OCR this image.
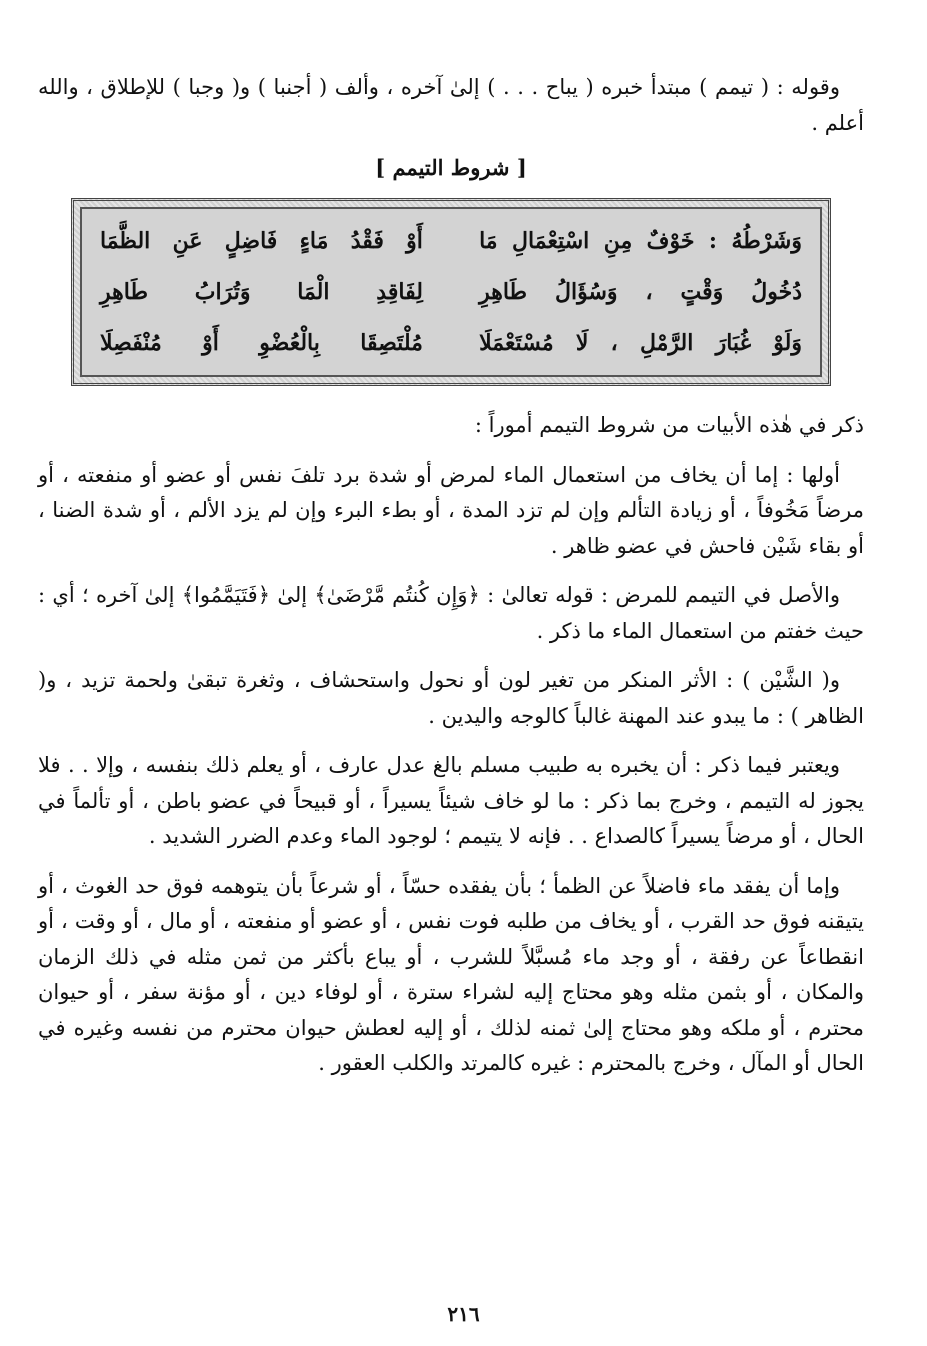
وقوله : ( تيمم ) مبتدأ خبره ( يباح . . . ) إلىٰ آخره ، وألف ( أجنبا ) و( وجبا ) للإطلاق ، والله أعلم .

[ شروط التيمم ]
وَشَرْطُهُ : خَوْفٌ مِنِ اسْتِعْمَالِ مَا
أَوْ فَقْدُ مَاءٍ فَاضِلٍ عَنِ الظَّمَا
دُخُولُ وَقْتٍ ، وَسُؤَالُ طَاهِرِ
لِفَاقِدِ الْمَا وَتُرَابُ طَاهِرِ
وَلَوْ غُبَارَ الرَّمْلِ ، لَا مُسْتَعْمَلَا
مُلْتَصِقَا بِالْعُضْوِ أَوْ مُنْفَصِلَا

ذكر في هٰذه الأبيات من شروط التيمم أموراً :

أولها : إما أن يخاف من استعمال الماء لمرض أو شدة برد تلفَ نفس أو عضو أو منفعته ، أو مرضاً مَخُوفاً ، أو زيادة التألم وإن لم تزد المدة ، أو بطء البرء وإن لم يزد الألم ، أو شدة الضنا ، أو بقاء شَيْن فاحش في عضو ظاهر .

والأصل في التيمم للمرض : قوله تعالىٰ : ﴿وَإِن كُنتُم مَّرْضَىٰ﴾ إلىٰ ﴿فَتَيَمَّمُوا﴾ إلىٰ آخره ؛ أي : حيث خفتم من استعمال الماء ما ذكر .

و( الشَّيْن ) : الأثر المنكر من تغير لون أو نحول واستحشاف ، وثغرة تبقىٰ ولحمة تزيد ، و( الظاهر ) : ما يبدو عند المهنة غالباً كالوجه واليدين .

ويعتبر فيما ذكر : أن يخبره به طبيب مسلم بالغ عدل عارف ، أو يعلم ذلك بنفسه ، وإلا . . فلا يجوز له التيمم ، وخرج بما ذكر : ما لو خاف شيئاً يسيراً ، أو قبيحاً في عضو باطن ، أو تألماً في الحال ، أو مرضاً يسيراً كالصداع . . فإنه لا يتيمم ؛ لوجود الماء وعدم الضرر الشديد .

وإما أن يفقد ماء فاضلاً عن الظمأ ؛ بأن يفقده حسّاً ، أو شرعاً بأن يتوهمه فوق حد الغوث ، أو يتيقنه فوق حد القرب ، أو يخاف من طلبه فوت نفس ، أو عضو أو منفعته ، أو مال ، أو وقت ، أو انقطاعاً عن رفقة ، أو وجد ماء مُسبَّلاً للشرب ، أو يباع بأكثر من ثمن مثله في ذلك الزمان والمكان ، أو بثمن مثله وهو محتاج إليه لشراء سترة ، أو لوفاء دين ، أو مؤنة سفر ، أو حيوان محترم ، أو ملكه وهو محتاج إلىٰ ثمنه لذلك ، أو إليه لعطش حيوان محترم من نفسه وغيره في الحال أو المآل ، وخرج بالمحترم : غيره كالمرتد والكلب العقور .

٢١٦
